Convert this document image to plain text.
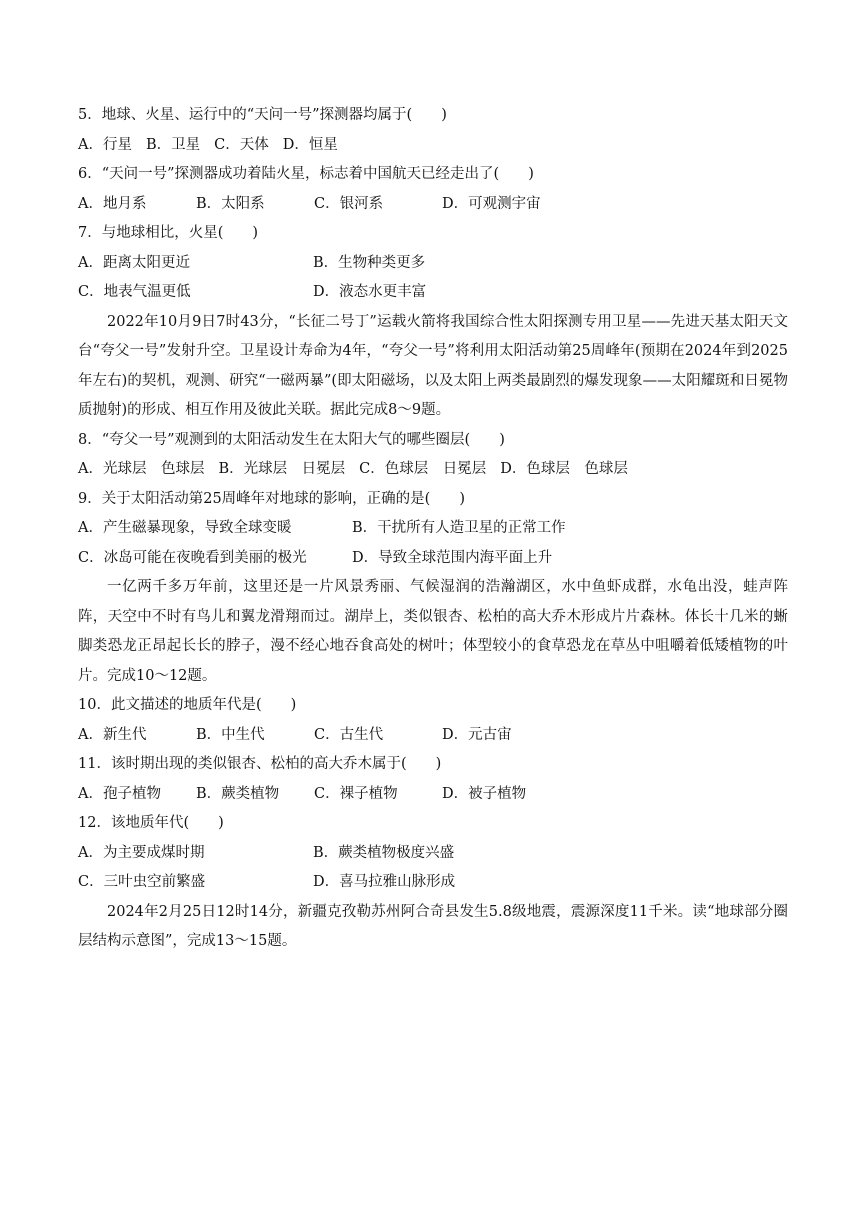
5．地球、火星、运行中的“天问一号”探测器均属于(　　)
A．行星 B．卫星 C．天体 D．恒星
6．“天问一号”探测器成功着陆火星，标志着中国航天已经走出了(　　)
A．地月系	B．太阳系	C．银河系	D．可观测宇宙
7．与地球相比，火星(　　)
A．距离太阳更近	B．生物种类更多
C．地表气温更低	D．液态水更丰富
2022年10月9日7时43分，“长征二号丁”运载火箭将我国综合性太阳探测专用卫星——先进天基太阳天文台“夸父一号”发射升空。卫星设计寿命为4年，“夸父一号”将利用太阳活动第25周峰年(预期在2024年到2025年左右)的契机，观测、研究“一磁两暴”(即太阳磁场，以及太阳上两类最剧烈的爆发现象——太阳耀斑和日冕物质抛射)的形成、相互作用及彼此关联。据此完成8～9题。
8．“夸父一号”观测到的太阳活动发生在太阳大气的哪些圈层(　　)
A．光球层　色球层 B．光球层　日冕层 C．色球层　日冕层 D．色球层　色球层
9．关于太阳活动第25周峰年对地球的影响，正确的是(　　)
A．产生磁暴现象，导致全球变暖	B．干扰所有人造卫星的正常工作
C．冰岛可能在夜晚看到美丽的极光	D．导致全球范围内海平面上升
一亿两千多万年前，这里还是一片风景秀丽、气候湿润的浩瀚湖区，水中鱼虾成群，水龟出没，蛙声阵阵，天空中不时有鸟儿和翼龙滑翔而过。湖岸上，类似银杏、松柏的高大乔木形成片片森林。体长十几米的蜥脚类恐龙正昂起长长的脖子，漫不经心地吞食高处的树叶；体型较小的食草恐龙在草丛中咀嚼着低矮植物的叶片。完成10～12题。
10．此文描述的地质年代是(　　)
A．新生代	B．中生代	C．古生代	D．元古宙
11．该时期出现的类似银杏、松柏的高大乔木属于(　　)
A．孢子植物	B．蕨类植物	C．裸子植物	D．被子植物
12．该地质年代(　　)
A．为主要成煤时期	B．蕨类植物极度兴盛
C．三叶虫空前繁盛	D．喜马拉雅山脉形成
2024年2月25日12时14分，新疆克孜勒苏州阿合奇县发生5.8级地震，震源深度11千米。读“地球部分圈层结构示意图”，完成13～15题。
